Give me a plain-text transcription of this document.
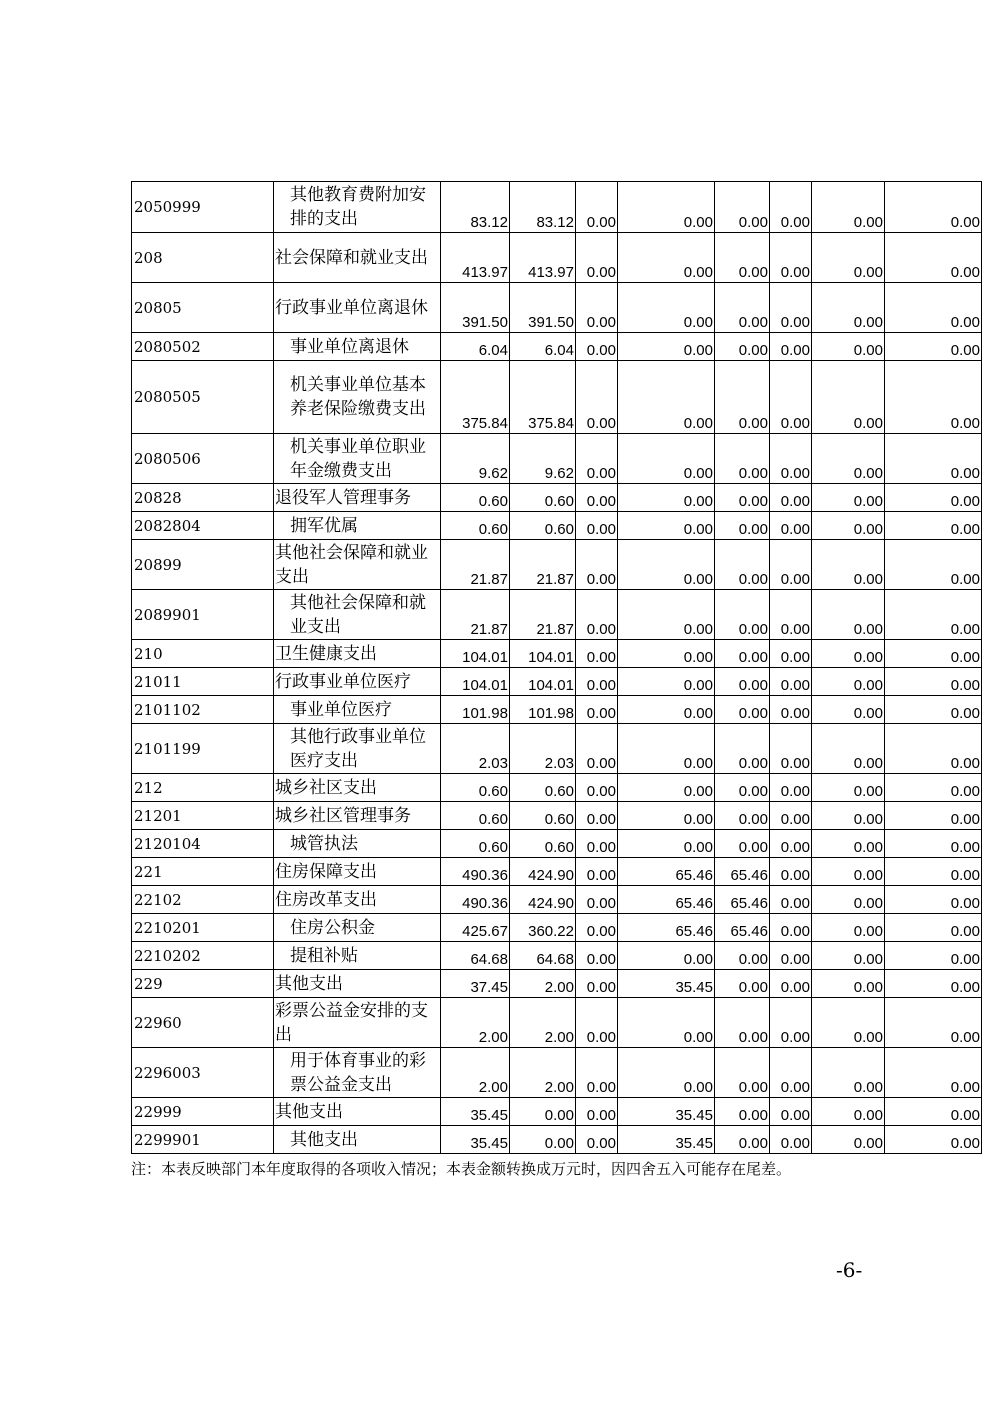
2050999	其他教育费附加安排的支出	83.12	83.12	0.00	0.00	0.00	0.00	0.00	0.00
208	社会保障和就业支出	413.97	413.97	0.00	0.00	0.00	0.00	0.00	0.00
20805	行政事业单位离退休	391.50	391.50	0.00	0.00	0.00	0.00	0.00	0.00
2080502	事业单位离退休	6.04	6.04	0.00	0.00	0.00	0.00	0.00	0.00
2080505	机关事业单位基本养老保险缴费支出	375.84	375.84	0.00	0.00	0.00	0.00	0.00	0.00
2080506	机关事业单位职业年金缴费支出	9.62	9.62	0.00	0.00	0.00	0.00	0.00	0.00
20828	退役军人管理事务	0.60	0.60	0.00	0.00	0.00	0.00	0.00	0.00
2082804	拥军优属	0.60	0.60	0.00	0.00	0.00	0.00	0.00	0.00
20899	其他社会保障和就业支出	21.87	21.87	0.00	0.00	0.00	0.00	0.00	0.00
2089901	其他社会保障和就业支出	21.87	21.87	0.00	0.00	0.00	0.00	0.00	0.00
210	卫生健康支出	104.01	104.01	0.00	0.00	0.00	0.00	0.00	0.00
21011	行政事业单位医疗	104.01	104.01	0.00	0.00	0.00	0.00	0.00	0.00
2101102	事业单位医疗	101.98	101.98	0.00	0.00	0.00	0.00	0.00	0.00
2101199	其他行政事业单位医疗支出	2.03	2.03	0.00	0.00	0.00	0.00	0.00	0.00
212	城乡社区支出	0.60	0.60	0.00	0.00	0.00	0.00	0.00	0.00
21201	城乡社区管理事务	0.60	0.60	0.00	0.00	0.00	0.00	0.00	0.00
2120104	城管执法	0.60	0.60	0.00	0.00	0.00	0.00	0.00	0.00
221	住房保障支出	490.36	424.90	0.00	65.46	65.46	0.00	0.00	0.00
22102	住房改革支出	490.36	424.90	0.00	65.46	65.46	0.00	0.00	0.00
2210201	住房公积金	425.67	360.22	0.00	65.46	65.46	0.00	0.00	0.00
2210202	提租补贴	64.68	64.68	0.00	0.00	0.00	0.00	0.00	0.00
229	其他支出	37.45	2.00	0.00	35.45	0.00	0.00	0.00	0.00
22960	彩票公益金安排的支出	2.00	2.00	0.00	0.00	0.00	0.00	0.00	0.00
2296003	用于体育事业的彩票公益金支出	2.00	2.00	0.00	0.00	0.00	0.00	0.00	0.00
22999	其他支出	35.45	0.00	0.00	35.45	0.00	0.00	0.00	0.00
2299901	其他支出	35.45	0.00	0.00	35.45	0.00	0.00	0.00	0.00
注：本表反映部门本年度取得的各项收入情况；本表金额转换成万元时，因四舍五入可能存在尾差。
-6-
